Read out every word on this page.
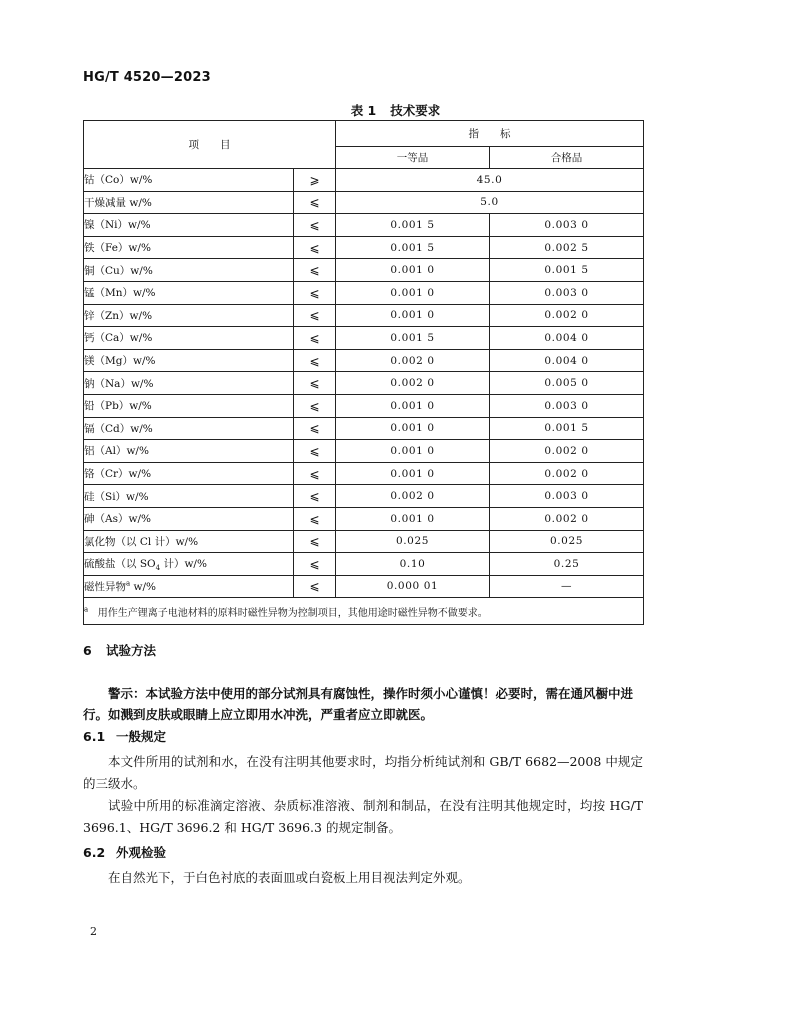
HG/T 4520—2023
表 1 技术要求
项　　目		指　　标	
		一等品	合格品
钴（Co）w/%	⩾	45.0	
干燥减量 w/%	⩽	5.0	
镍（Ni）w/%	⩽	0.001 5	0.003 0
铁（Fe）w/%	⩽	0.001 5	0.002 5
铜（Cu）w/%	⩽	0.001 0	0.001 5
锰（Mn）w/%	⩽	0.001 0	0.003 0
锌（Zn）w/%	⩽	0.001 0	0.002 0
钙（Ca）w/%	⩽	0.001 5	0.004 0
镁（Mg）w/%	⩽	0.002 0	0.004 0
钠（Na）w/%	⩽	0.002 0	0.005 0
铅（Pb）w/%	⩽	0.001 0	0.003 0
镉（Cd）w/%	⩽	0.001 0	0.001 5
铝（Al）w/%	⩽	0.001 0	0.002 0
铬（Cr）w/%	⩽	0.001 0	0.002 0
硅（Si）w/%	⩽	0.002 0	0.003 0
砷（As）w/%	⩽	0.001 0	0.002 0
氯化物（以 Cl 计）w/%	⩽	0.025	0.025
硫酸盐（以 $SO_4$ 计）w/%	⩽	0.10	0.25
磁性异物$^a$ w/%	⩽	0.000 01	—
$^a$ 用作生产锂离子电池材料的原料时磁性异物为控制项目，其他用途时磁性异物不做要求。			
6 试验方法
警示：本试验方法中使用的部分试剂具有腐蚀性，操作时须小心谨慎！必要时，需在通风橱中进行。如溅到皮肤或眼睛上应立即用水冲洗，严重者应立即就医。
6.1 一般规定
本文件所用的试剂和水，在没有注明其他要求时，均指分析纯试剂和 GB/T 6682—2008 中规定的三级水。
试验中所用的标准滴定溶液、杂质标准溶液、制剂和制品，在没有注明其他规定时，均按 HG/T 3696.1、HG/T 3696.2 和 HG/T 3696.3 的规定制备。
6.2 外观检验
在自然光下，于白色衬底的表面皿或白瓷板上用目视法判定外观。
2
